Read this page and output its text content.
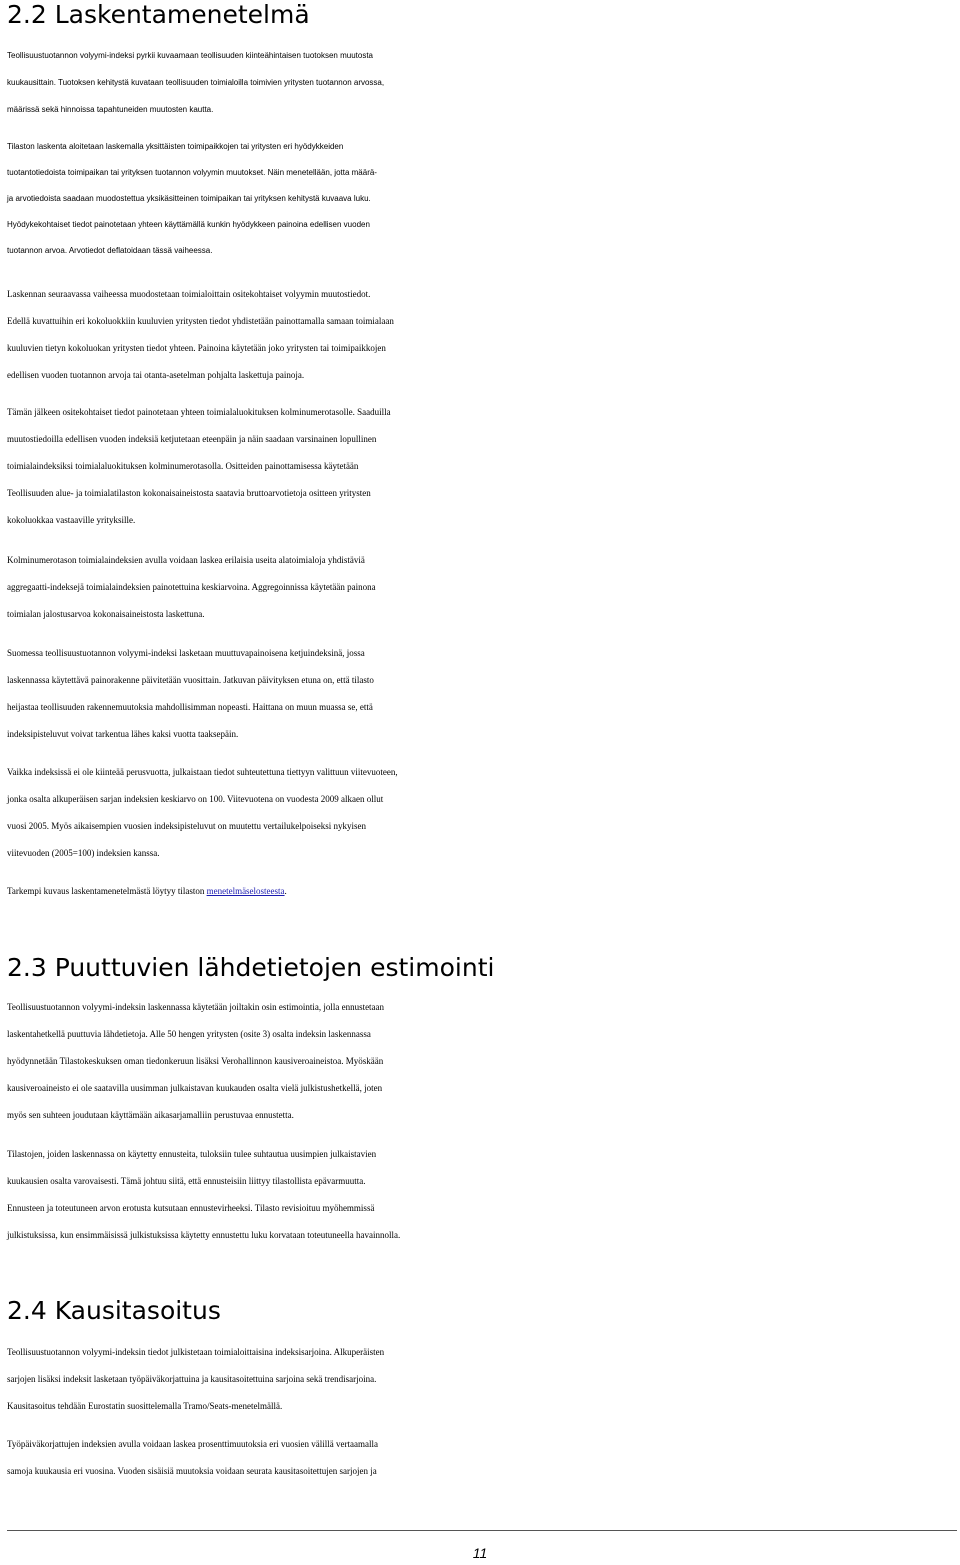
2.2 Laskentamenetelmä
Teollisuustuotannon volyymi-indeksi pyrkii kuvaamaan teollisuuden kiinteähintaisen tuotoksen muutosta
kuukausittain. Tuotoksen kehitystä kuvataan teollisuuden toimialoilla toimivien yritysten tuotannon arvossa,
määrissä sekä hinnoissa tapahtuneiden muutosten kautta.
Tilaston laskenta aloitetaan laskemalla yksittäisten toimipaikkojen tai yritysten eri hyödykkeiden
tuotantotiedoista toimipaikan tai yrityksen tuotannon volyymin muutokset. Näin menetellään, jotta määrä-
ja arvotiedoista saadaan muodostettua yksikäsitteinen toimipaikan tai yrityksen kehitystä kuvaava luku.
Hyödykekohtaiset tiedot painotetaan yhteen käyttämällä kunkin hyödykkeen painoina edellisen vuoden
tuotannon arvoa. Arvotiedot deflatoidaan tässä vaiheessa.
Laskennan seuraavassa vaiheessa muodostetaan toimialoittain ositekohtaiset volyymin muutostiedot.
Edellä kuvattuihin eri kokoluokkiin kuuluvien yritysten tiedot yhdistetään painottamalla samaan toimialaan
kuuluvien tietyn kokoluokan yritysten tiedot yhteen. Painoina käytetään joko yritysten tai toimipaikkojen
edellisen vuoden tuotannon arvoja tai otanta-asetelman pohjalta laskettuja painoja.
Tämän jälkeen ositekohtaiset tiedot painotetaan yhteen toimialaluokituksen kolminumerotasolle. Saaduilla
muutostiedoilla edellisen vuoden indeksiä ketjutetaan eteenpäin ja näin saadaan varsinainen lopullinen
toimialaindeksiksi toimialaluokituksen kolminumerotasolla. Ositteiden painottamisessa käytetään
Teollisuuden alue- ja toimialatilaston kokonaisaineistosta saatavia bruttoarvotietoja ositteen yritysten
kokoluokkaa vastaaville yrityksille.
Kolminumerotason toimialaindeksien avulla voidaan laskea erilaisia useita alatoimialoja yhdistäviä
aggregaatti-indeksejä toimialaindeksien painotettuina keskiarvoina. Aggregoinnissa käytetään painona
toimialan jalostusarvoa kokonaisaineistosta laskettuna.
Suomessa teollisuustuotannon volyymi-indeksi lasketaan muuttuvapainoisena ketjuindeksinä, jossa
laskennassa käytettävä painorakenne päivitetään vuosittain. Jatkuvan päivityksen etuna on, että tilasto
heijastaa teollisuuden rakennemuutoksia mahdollisimman nopeasti. Haittana on muun muassa se, että
indeksipisteluvut voivat tarkentua lähes kaksi vuotta taaksepäin.
Vaikka indeksissä ei ole kiinteää perusvuotta, julkaistaan tiedot suhteutettuna tiettyyn valittuun viitevuoteen,
jonka osalta alkuperäisen sarjan indeksien keskiarvo on 100. Viitevuotena on vuodesta 2009 alkaen ollut
vuosi 2005. Myös aikaisempien vuosien indeksipisteluvut on muutettu vertailukelpoiseksi nykyisen
viitevuoden (2005=100) indeksien kanssa.
Tarkempi kuvaus laskentamenetelmästä löytyy tilaston menetelmäselosteesta.
2.3 Puuttuvien lähdetietojen estimointi
Teollisuustuotannon volyymi-indeksin laskennassa käytetään joiltakin osin estimointia, jolla ennustetaan
laskentahetkellä puuttuvia lähdetietoja. Alle 50 hengen yritysten (osite 3) osalta indeksin laskennassa
hyödynnetään Tilastokeskuksen oman tiedonkeruun lisäksi Verohallinnon kausiveroaineistoa. Myöskään
kausiveroaineisto ei ole saatavilla uusimman julkaistavan kuukauden osalta vielä julkistushetkellä, joten
myös sen suhteen joudutaan käyttämään aikasarjamalliin perustuvaa ennustetta.
Tilastojen, joiden laskennassa on käytetty ennusteita, tuloksiin tulee suhtautua uusimpien julkaistavien
kuukausien osalta varovaisesti. Tämä johtuu siitä, että ennusteisiin liittyy tilastollista epävarmuutta.
Ennusteen ja toteutuneen arvon erotusta kutsutaan ennustevirheeksi. Tilasto revisioituu myöhemmissä
julkistuksissa, kun ensimmäisissä julkistuksissa käytetty ennustettu luku korvataan toteutuneella havainnolla.
2.4 Kausitasoitus
Teollisuustuotannon volyymi-indeksin tiedot julkistetaan toimialoittaisina indeksisarjoina. Alkuperäisten
sarjojen lisäksi indeksit lasketaan työpäiväkorjattuina ja kausitasoitettuina sarjoina sekä trendisarjoina.
Kausitasoitus tehdään Eurostatin suosittelemalla Tramo/Seats-menetelmällä.
Työpäiväkorjattujen indeksien avulla voidaan laskea prosenttimuutoksia eri vuosien välillä vertaamalla
samoja kuukausia eri vuosina. Vuoden sisäisiä muutoksia voidaan seurata kausitasoitettujen sarjojen ja
11
